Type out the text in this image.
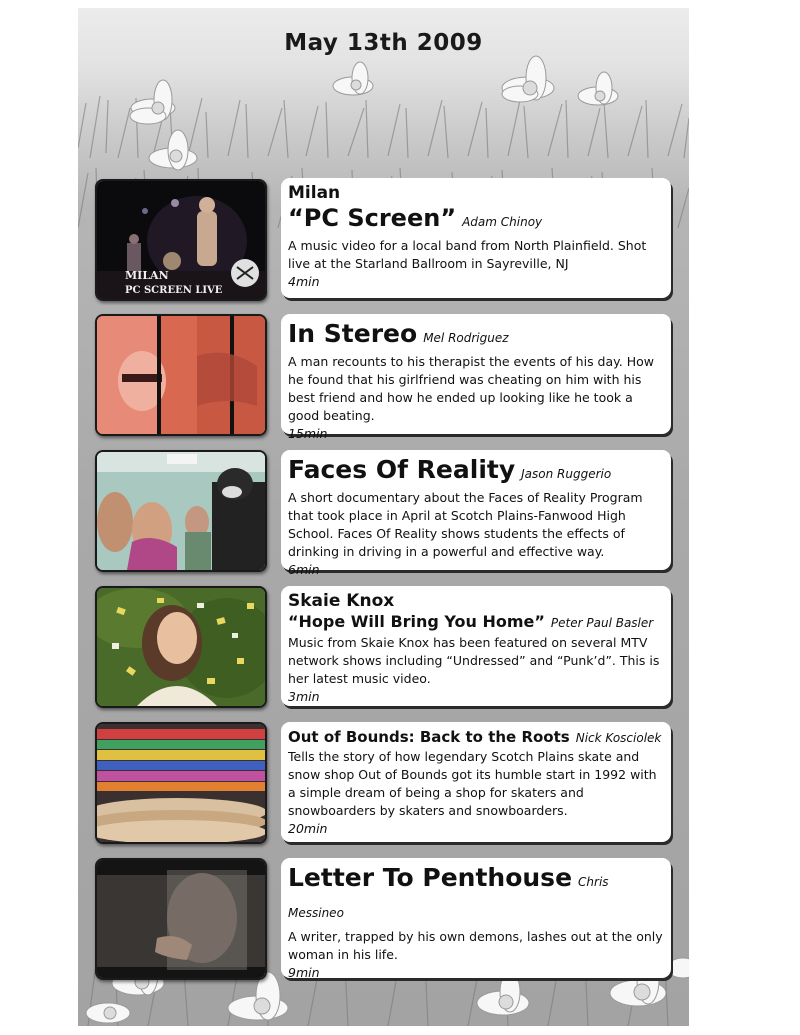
May 13th 2009
MILAN
PC SCREEN LIVE
Milan
“PC Screen” Adam Chinoy
A music video for a local band from North Plainfield. Shot live at the Starland Ballroom in Sayreville, NJ
4min
In Stereo Mel Rodriguez
A man recounts to his therapist the events of his day. How he found that his girlfriend was cheating on him with his best friend and how he ended up looking like he took a good beating.
15min
Faces Of Reality Jason Ruggerio
A short documentary about the Faces of Reality Program that took place in April at Scotch Plains-Fanwood High School. Faces Of Reality shows students the effects of drinking in driving in a powerful and effective way.
6min
Skaie Knox
“Hope Will Bring You Home” Peter Paul Basler
Music from Skaie Knox has been featured on several MTV network shows including “Undressed” and “Punk’d”. This is her latest music video.
3min
Out of Bounds: Back to the Roots Nick Kosciolek
Tells the story of how legendary Scotch Plains skate and snow shop Out of Bounds got its humble start in 1992 with a simple dream of being a shop for skaters and snowboarders by skaters and snowboarders.
20min
Letter To Penthouse Chris Messineo
A writer, trapped by his own demons, lashes out at the only woman in his life.
9min
